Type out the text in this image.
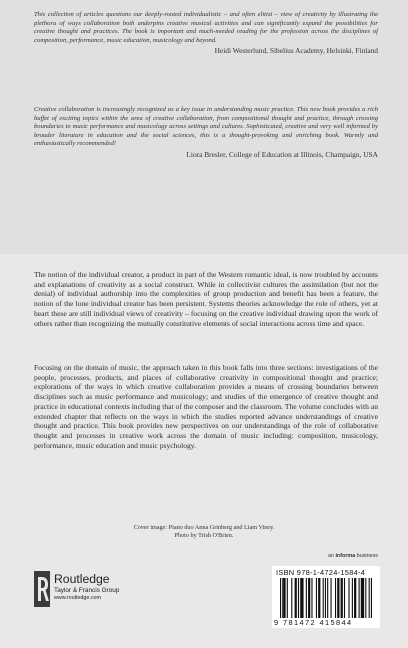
This collection of articles questions our deeply-rooted individualistic – and often elitist – view of creativity by illustrating the plethora of ways collaboration both underpins creative musical activities and can significantly expand the possibilities for creative thought and practices. The book is important and much-needed reading for the profession across the disciplines of composition, performance, music education, musicology and beyond.
Heidi Westerlund, Sibelius Academy, Helsinki, Finland
Creative collaboration is increasingly recognized as a key issue in understanding music practice. This new book provides a rich buffet of exciting topics within the area of creative collaboration, from compositional thought and practice, through crossing boundaries to music performance and musicology across settings and cultures. Sophisticated, creative and very well informed by broader literature in education and the social sciences, this is a thought-provoking and enriching book. Warmly and enthusiastically recommended!
Liora Bresler, College of Education at Illinois, Champaign, USA
The notion of the individual creator, a product in part of the Western romantic ideal, is now troubled by accounts and explanations of creativity as a social construct. While in collectivist cultures the assimilation (but not the denial) of individual authorship into the complexities of group production and benefit has been a feature, the notion of the lone individual creator has been persistent. Systems theories acknowledge the role of others, yet at heart these are still individual views of creativity – focusing on the creative individual drawing upon the work of others rather than recognizing the mutually constitutive elements of social interactions across time and space.
Focusing on the domain of music, the approach taken in this book falls into three sections: investigations of the people, processes, products, and places of collaborative creativity in compositional thought and practice; explorations of the ways in which creative collaboration provides a means of crossing boundaries between disciplines such as music performance and musicology; and studies of the emergence of creative thought and practice in educational contexts including that of the composer and the classroom. The volume concludes with an extended chapter that reflects on the ways in which the studies reported advance understandings of creative thought and practice. This book provides new perspectives on our understandings of the role of collaborative thought and processes in creative work across the domain of music including: composition, musicology, performance, music education and music psychology.
Cover image: Piano duo Anna Grinberg and Liam Viney.
Photo by Trish O'Brien.
an informa business
ISBN 978-1-4724-1584-4
9 781472 415844
Routledge
Taylor & Francis Group
www.routledge.com
